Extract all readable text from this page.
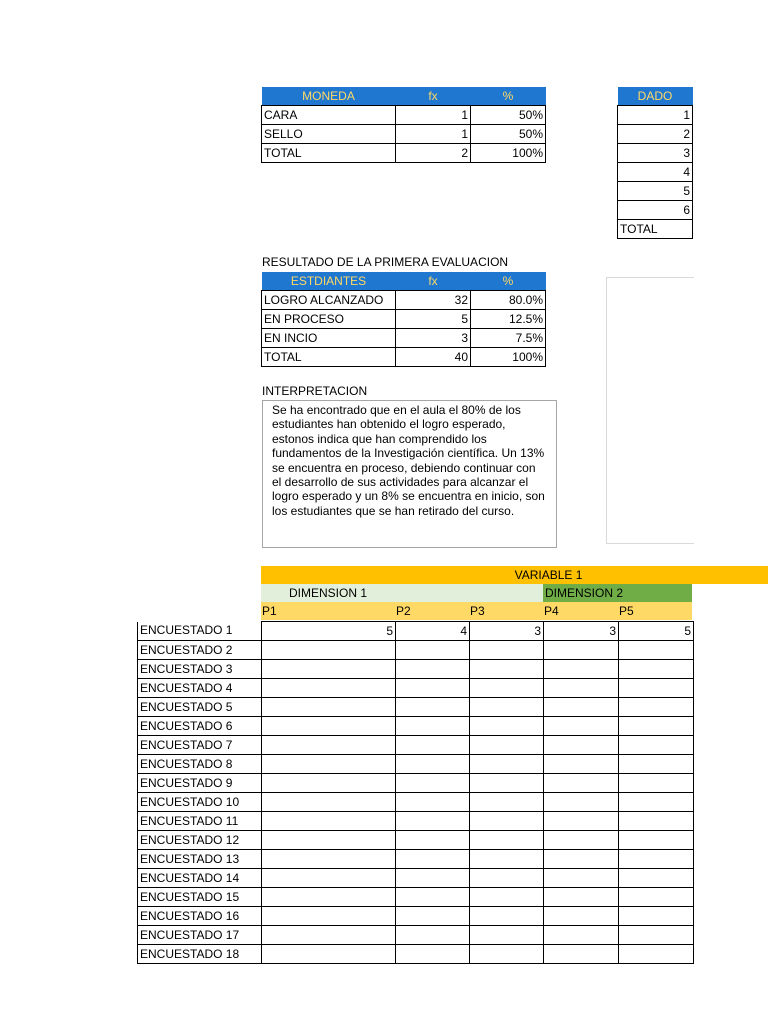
MONEDA	fx	%
CARA	1	50%
SELLO	1	50%
TOTAL	2	100%
DADO
1
2
3
4
5
6
TOTAL
RESULTADO DE LA PRIMERA EVALUACION
ESTDIANTES	fx	%
LOGRO ALCANZADO	32	80.0%
EN PROCESO	5	12.5%
EN INCIO	3	7.5%
TOTAL	40	100%
INTERPRETACION
Se ha encontrado que en el aula el 80% de los estudiantes han obtenido el logro esperado, estonos indica que han comprendido los fundamentos de la Investigación científica. Un 13% se encuentra en proceso, debiendo continuar con el desarrollo de sus actividades para alcanzar el logro esperado y un 8% se encuentra en inicio, son los estudiantes que se han retirado del curso.
VARIABLE 1
DIMENSION 1	DIMENSION 2
P1	P2	P3	P4	P5
ENCUESTADO 1	5	4	3	3	5
ENCUESTADO 2					
ENCUESTADO 3					
ENCUESTADO 4					
ENCUESTADO 5					
ENCUESTADO 6					
ENCUESTADO 7					
ENCUESTADO 8					
ENCUESTADO 9					
ENCUESTADO 10					
ENCUESTADO 11					
ENCUESTADO 12					
ENCUESTADO 13					
ENCUESTADO 14					
ENCUESTADO 15					
ENCUESTADO 16					
ENCUESTADO 17					
ENCUESTADO 18					
